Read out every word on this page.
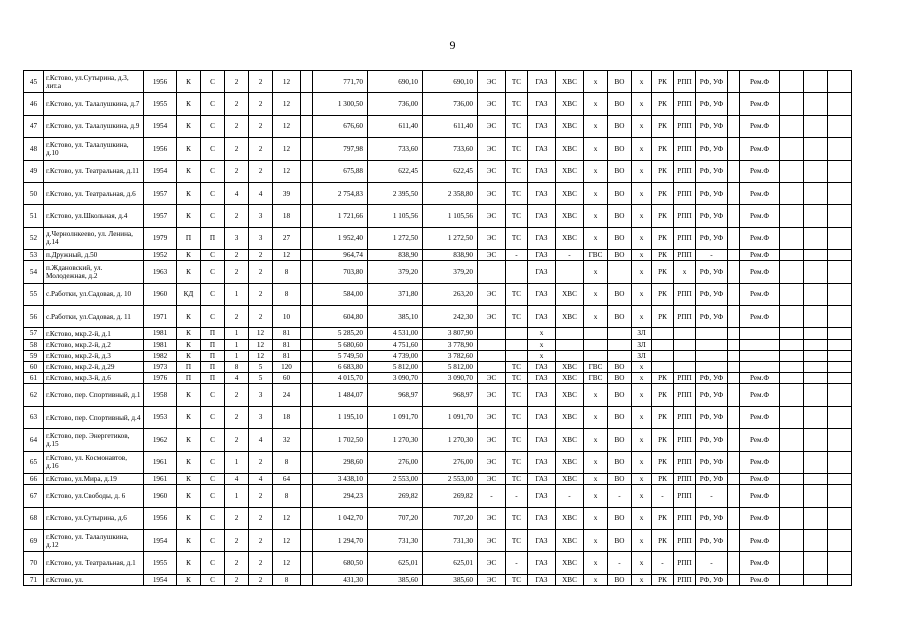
9
45	г.Кстово, ул.Сутырина, д.3, лит.а	1956	К	С	2	2	12		771,70	690,10	690,10	ЭС	ТС	ГАЗ	ХВС	х	ВО	х	РК	РПП	РФ, УФ		Рем.Ф			
46	г.Кстово, ул. Талалушкина, д.7	1955	К	С	2	2	12		1 300,50	736,00	736,00	ЭС	ТС	ГАЗ	ХВС	х	ВО	х	РК	РПП	РФ, УФ		Рем.Ф			
47	г.Кстово, ул. Талалушкина, д.9	1954	К	С	2	2	12		676,60	611,40	611,40	ЭС	ТС	ГАЗ	ХВС	х	ВО	х	РК	РПП	РФ, УФ		Рем.Ф			
48	г.Кстово, ул. Талалушкина, д.10	1956	К	С	2	2	12		797,98	733,60	733,60	ЭС	ТС	ГАЗ	ХВС	х	ВО	х	РК	РПП	РФ, УФ		Рем.Ф			
49	г.Кстово, ул. Театральная, д.11	1954	К	С	2	2	12		675,88	622,45	622,45	ЭС	ТС	ГАЗ	ХВС	х	ВО	х	РК	РПП	РФ, УФ		Рем.Ф			
50	г.Кстово, ул. Театральная, д.6	1957	К	С	4	4	39		2 754,83	2 395,50	2 358,80	ЭС	ТС	ГАЗ	ХВС	х	ВО	х	РК	РПП	РФ, УФ		Рем.Ф			
51	г.Кстово, ул.Школьная, д.4	1957	К	С	2	3	18		1 721,66	1 105,56	1 105,56	ЭС	ТС	ГАЗ	ХВС	х	ВО	х	РК	РПП	РФ, УФ		Рем.Ф			
52	д.Чернолнкеево, ул. Ленина, д.14	1979	П	П	3	3	27		1 952,40	1 272,50	1 272,50	ЭС	ТС	ГАЗ	ХВС	х	ВО	х	РК	РПП	РФ, УФ		Рем.Ф			
53	п.Дружный, д.50	1952	К	С	2	2	12		964,74	838,90	838,90	ЭС	-	ГАЗ	-	ГВС	ВО	х	РК	РПП	-		Рем.Ф			
54	п.Ждановский, ул. Молодежная, д.2	1963	К	С	2	2	8		703,80	379,20	379,20			ГАЗ		х		х	РК	х	РФ, УФ		Рем.Ф			
55	с.Работки, ул.Садовая, д. 10	1960	КД	С	1	2	8		584,00	371,80	263,20	ЭС	ТС	ГАЗ	ХВС	х	ВО	х	РК	РПП	РФ, УФ		Рем.Ф			
56	с.Работки, ул.Садовая, д. 11	1971	К	С	2	2	10		604,80	385,10	242,30	ЭС	ТС	ГАЗ	ХВС	х	ВО	х	РК	РПП	РФ, УФ		Рем.Ф			
57	г.Кстово, мкр.2-й, д.1	1981	К	П	1	12	81		5 285,20	4 531,00	3 807,90			х				ЗЛ								
58	г.Кстово, мкр.2-й, д.2	1981	К	П	1	12	81		5 680,60	4 751,60	3 778,90			х				ЗЛ								
59	г.Кстово, мкр.2-й, д.3	1982	К	П	1	12	81		5 749,50	4 739,00	3 782,60			х				ЗЛ								
60	г.Кстово, мкр.2-й, д.29	1973	П	П	8	5	120		6 683,80	5 812,00	5 812,00		ТС	ГАЗ	ХВС	ГВС	ВО	х								
61	г.Кстово, мкр.3-й, д.6	1976	П	П	4	5	60		4 015,70	3 090,70	3 090,70	ЭС	ТС	ГАЗ	ХВС	ГВС	ВО	х	РК	РПП	РФ, УФ		Рем.Ф			
62	г.Кстово, пер. Спортивный, д.1	1958	К	С	2	3	24		1 484,07	968,97	968,97	ЭС	ТС	ГАЗ	ХВС	х	ВО	х	РК	РПП	РФ, УФ		Рем.Ф			
63	г.Кстово, пер. Спортивный, д.4	1953	К	С	2	3	18		1 195,10	1 091,70	1 091,70	ЭС	ТС	ГАЗ	ХВС	х	ВО	х	РК	РПП	РФ, УФ		Рем.Ф			
64	г.Кстово, пер. Энергетиков, д.15	1962	К	С	2	4	32		1 702,50	1 270,30	1 270,30	ЭС	ТС	ГАЗ	ХВС	х	ВО	х	РК	РПП	РФ, УФ		Рем.Ф			
65	г.Кстово, ул. Космонавтов, д.16	1961	К	С	1	2	8		298,60	276,00	276,00	ЭС	ТС	ГАЗ	ХВС	х	ВО	х	РК	РПП	РФ, УФ		Рем.Ф			
66	г.Кстово, ул.Мира, д.19	1961	К	С	4	4	64		3 438,10	2 553,00	2 553,00	ЭС	ТС	ГАЗ	ХВС	х	ВО	х	РК	РПП	РФ, УФ		Рем.Ф			
67	г.Кстово, ул.Свободы, д. 6	1960	К	С	1	2	8		294,23	269,82	269,82	-	-	ГАЗ	-	х	-	х	-	РПП	-		Рем.Ф			
68	г.Кстово, ул.Сутырина, д.6	1956	К	С	2	2	12		1 042,70	707,20	707,20	ЭС	ТС	ГАЗ	ХВС	х	ВО	х	РК	РПП	РФ, УФ		Рем.Ф			
69	г.Кстово, ул. Талалушкина, д.12	1954	К	С	2	2	12		1 294,70	731,30	731,30	ЭС	ТС	ГАЗ	ХВС	х	ВО	х	РК	РПП	РФ, УФ		Рем.Ф			
70	г.Кстово, ул. Театральная, д.1	1955	К	С	2	2	12		680,50	625,01	625,01	ЭС	-	ГАЗ	ХВС	х	-	х	-	РПП	-		Рем.Ф			
71	г.Кстово, ул.	1954	К	С	2	2	8		431,30	385,60	385,60	ЭС	ТС	ГАЗ	ХВС	х	ВО	х	РК	РПП	РФ, УФ		Рем.Ф			
